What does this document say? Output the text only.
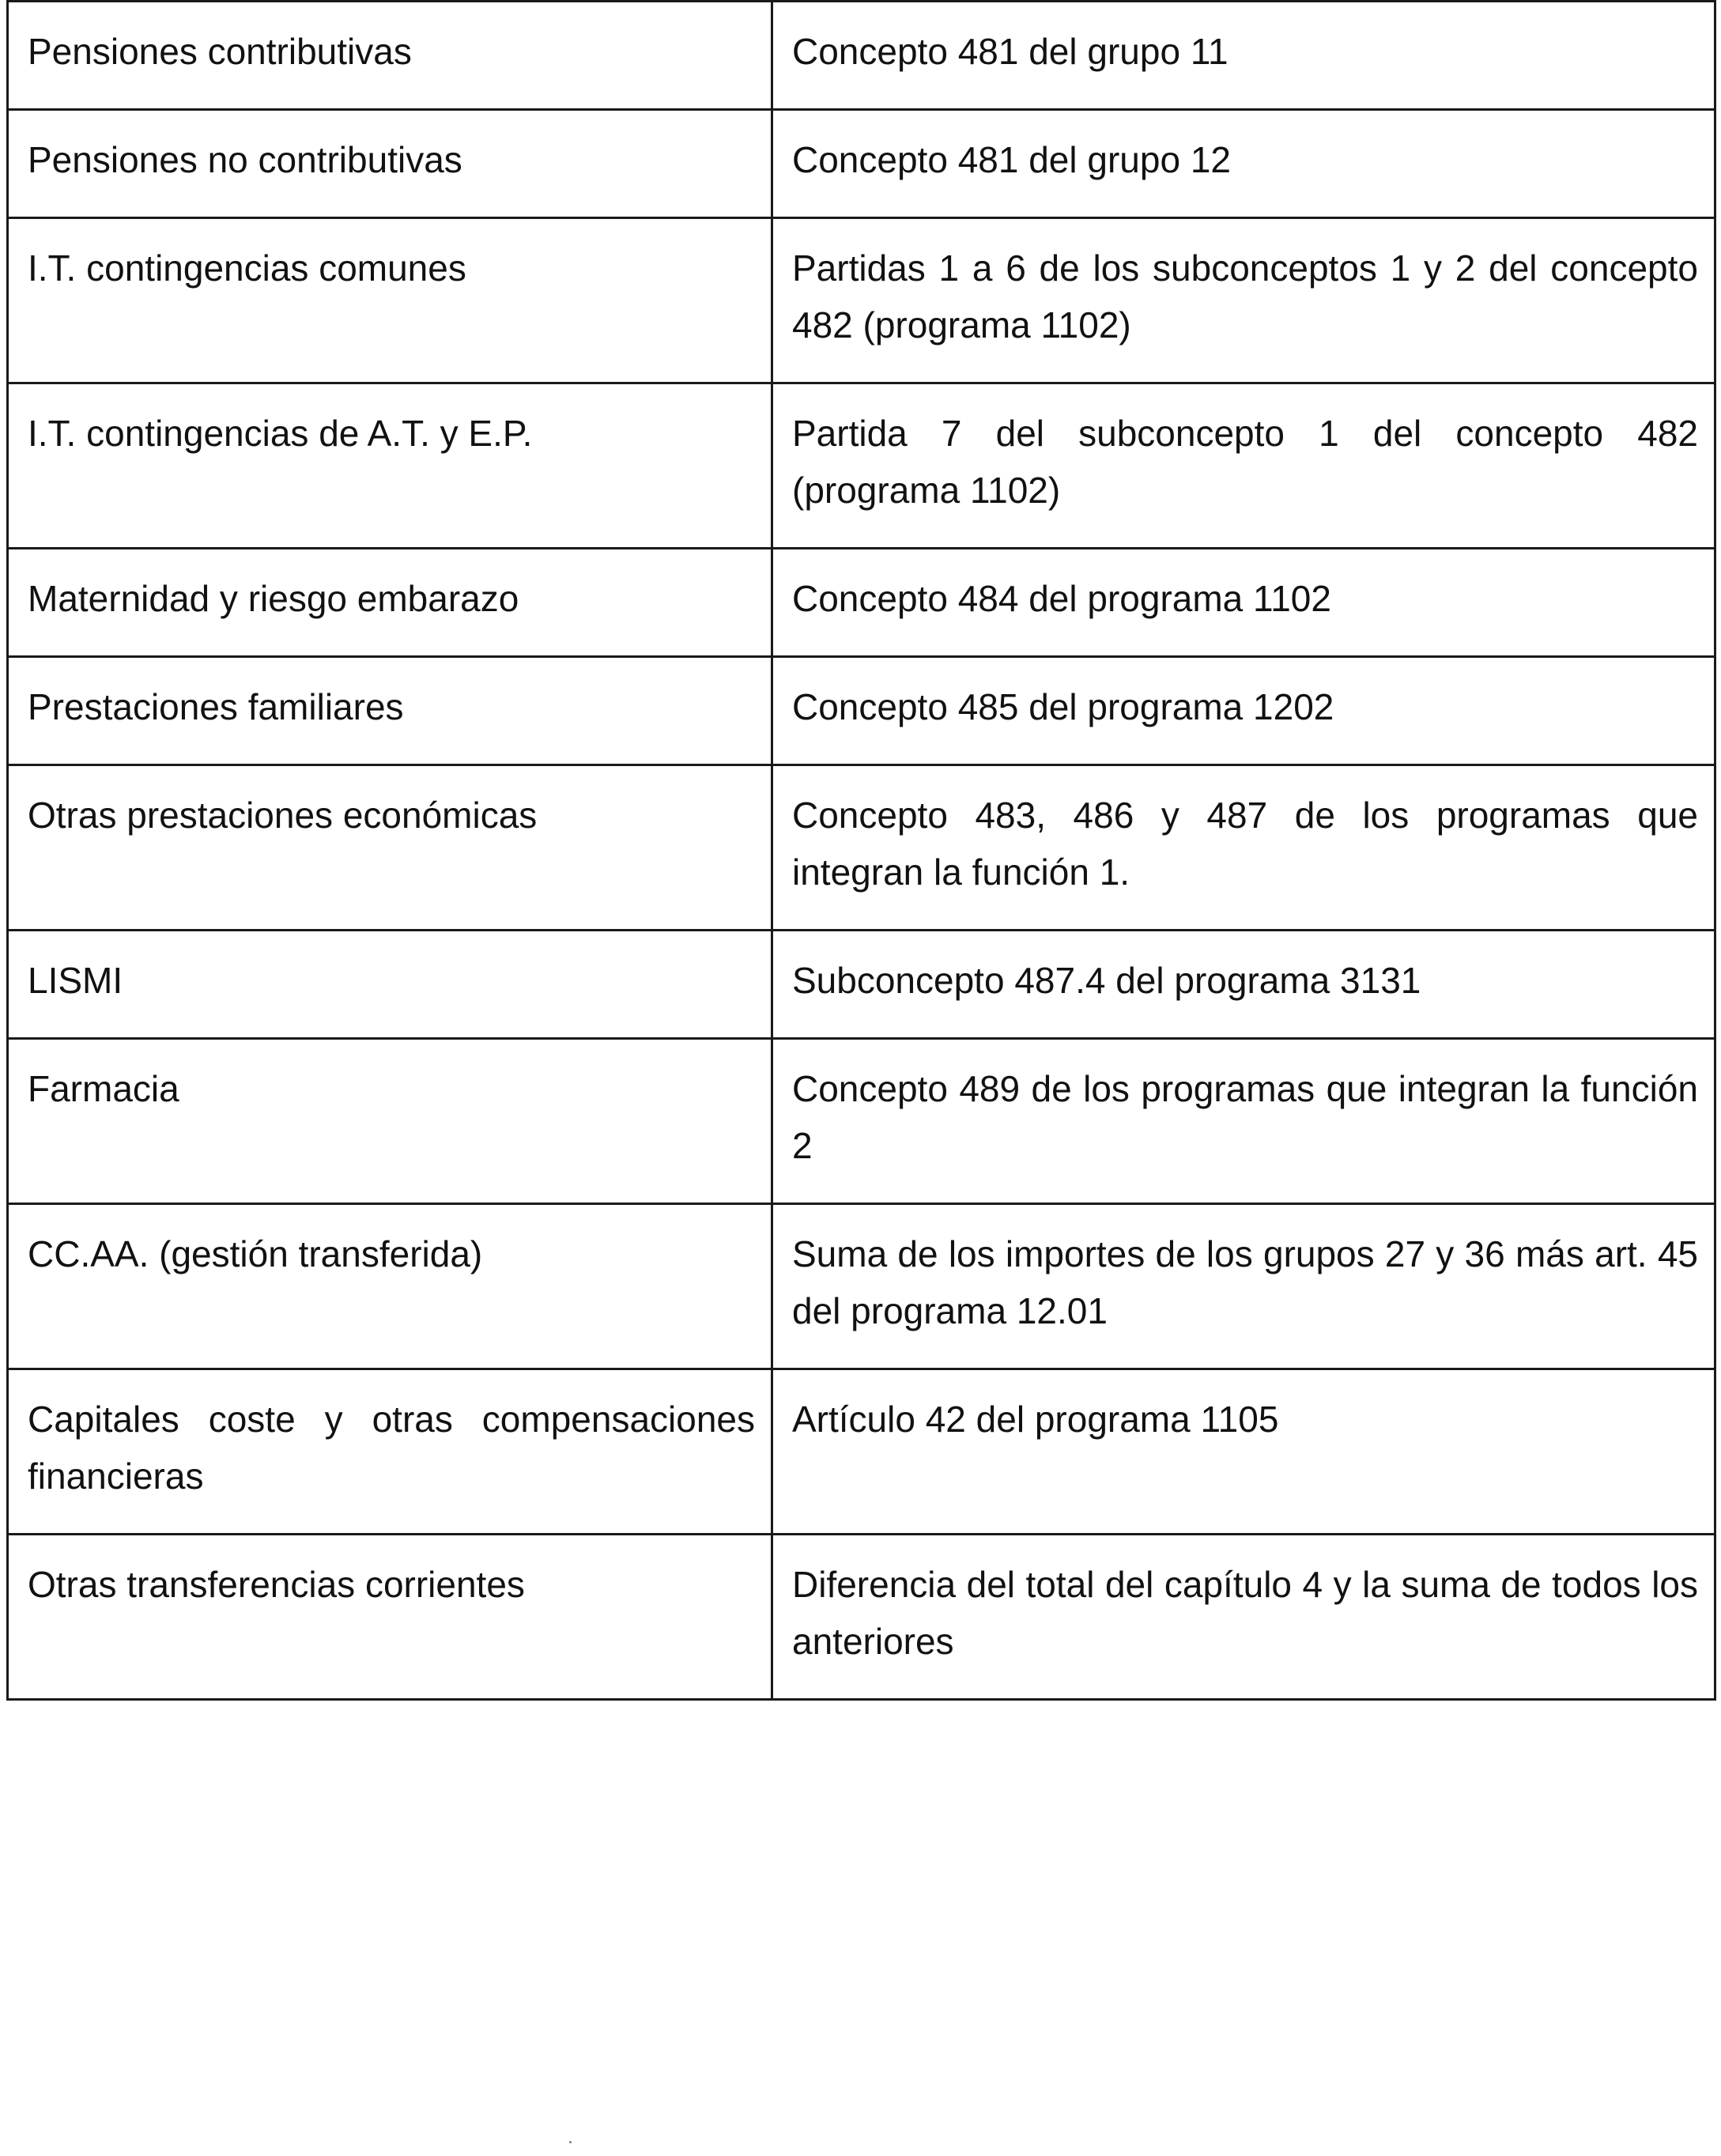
Pensiones contributivas	Concepto 481 del grupo 11
Pensiones no contributivas	Concepto 481 del grupo 12
I.T. contingencias comunes	Partidas 1 a 6 de los subconceptos 1 y 2 del concepto 482 (programa 1102)
I.T. contingencias de A.T. y E.P.	Partida 7 del subconcepto 1 del concepto 482 (programa 1102)
Maternidad y riesgo embarazo	Concepto 484 del programa 1102
Prestaciones familiares	Concepto 485 del programa 1202
Otras prestaciones económicas	Concepto 483, 486 y 487 de los programas que integran la función 1.
LISMI	Subconcepto 487.4 del programa 3131
Farmacia	Concepto 489 de los programas que integran la función 2
CC.AA. (gestión transferida)	Suma de los importes de los grupos 27 y 36 más art. 45 del programa 12.01
Capitales coste y otras compensaciones financieras	Artículo 42 del programa 1105
Otras transferencias corrientes	Diferencia del total del capítulo 4 y la suma de todos los anteriores
